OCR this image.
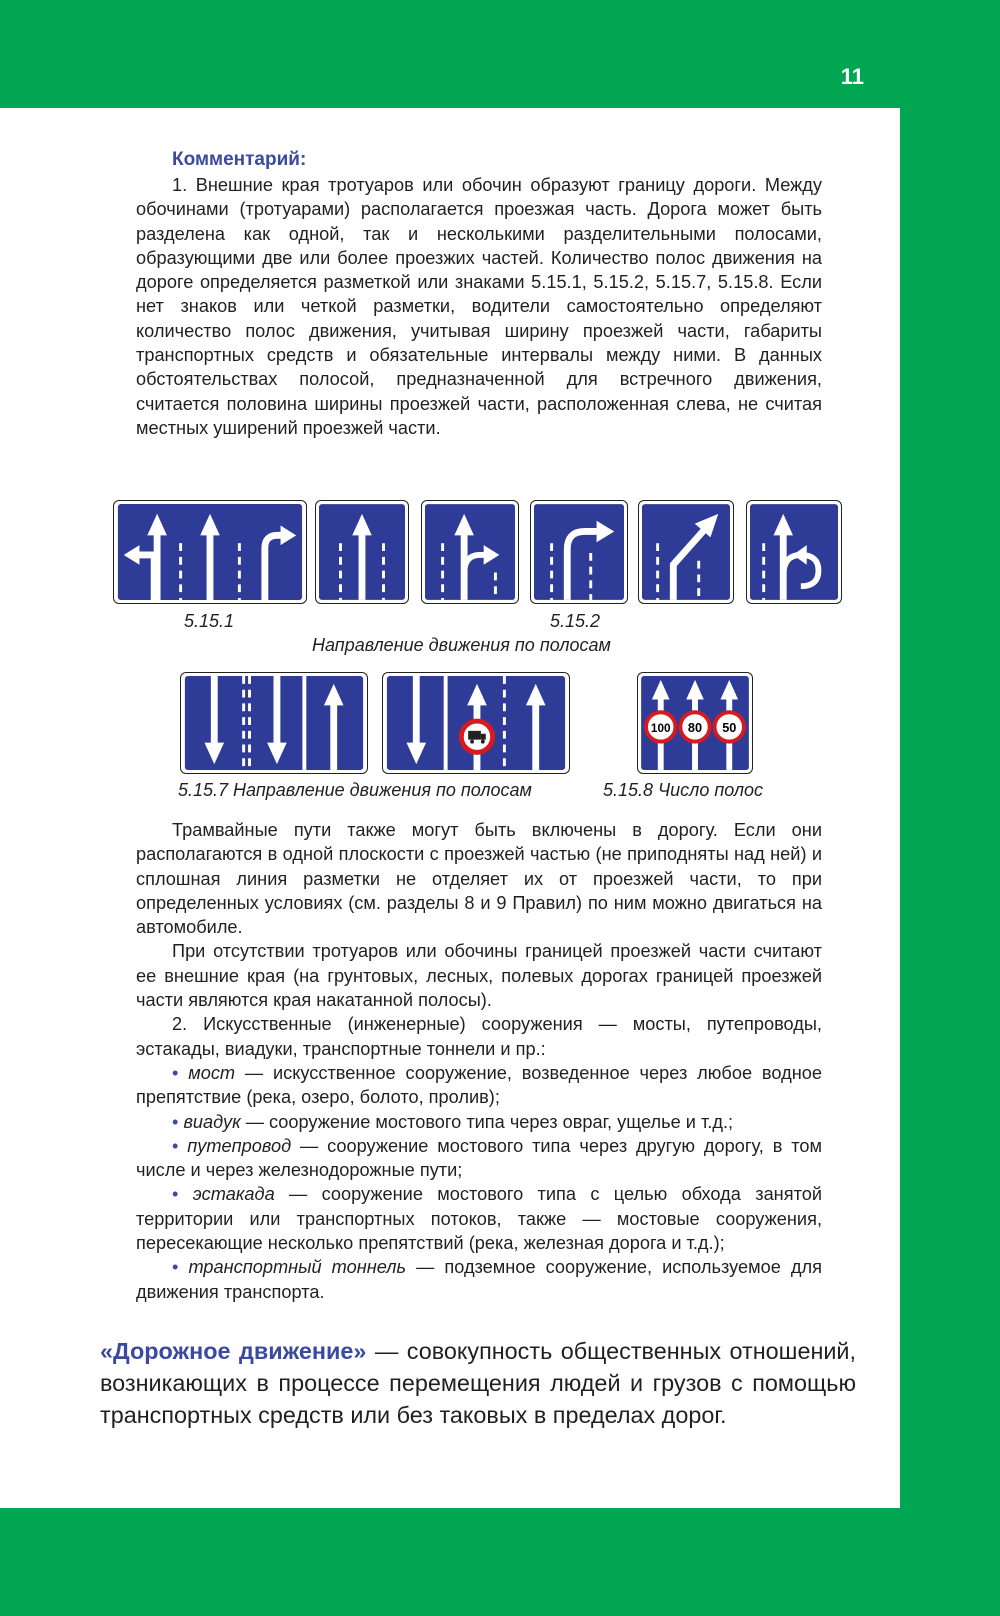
11

Комментарий:

1. Внешние края тротуаров или обочин образуют границу дороги. Между обочинами (тротуарами) располагается проезжая часть. Дорога может быть разделена как одной, так и несколькими разделительными полосами, образующими две или более проезжих частей. Количество полос движения на дороге определяется разметкой или знаками 5.15.1, 5.15.2, 5.15.7, 5.15.8. Если нет знаков или четкой разметки, водители самостоятельно определяют количество полос движения, учитывая ширину проезжей части, габариты транспортных средств и обязательные интервалы между ними. В данных обстоятельствах полосой, предназначенной для встречного движения, считается половина ширины проезжей части, расположенная слева, не считая местных уширений проезжей части.

5.15.1	5.15.2
Направление движения по полосам
100 80 50
5.15.7 Направление движения по полосам	5.15.8 Число полос

Трамвайные пути также могут быть включены в дорогу. Если они располагаются в одной плоскости с проезжей частью (не приподняты над ней) и сплошная линия разметки не отделяет их от проезжей части, то при определенных условиях (см. разделы 8 и 9 Правил) по ним можно двигаться на автомобиле.

При отсутствии тротуаров или обочины границей проезжей части считают ее внешние края (на грунтовых, лесных, полевых дорогах границей проезжей части являются края накатанной полосы).

2. Искусственные (инженерные) сооружения — мосты, путепроводы, эстакады, виадуки, транспортные тоннели и пр.:

• мост — искусственное сооружение, возведенное через любое водное препятствие (река, озеро, болото, пролив);

• виадук — сооружение мостового типа через овраг, ущелье и т.д.;

• путепровод — сооружение мостового типа через другую дорогу, в том числе и через железнодорожные пути;

• эстакада — сооружение мостового типа с целью обхода занятой территории или транспортных потоков, также — мостовые сооружения, пересекающие несколько препятствий (река, железная дорога и т.д.);

• транспортный тоннель — подземное сооружение, используемое для движения транспорта.

«Дорожное движение» — совокупность общественных отношений, возникающих в процессе перемещения людей и грузов с помощью транспортных средств или без таковых в пределах дорог.
